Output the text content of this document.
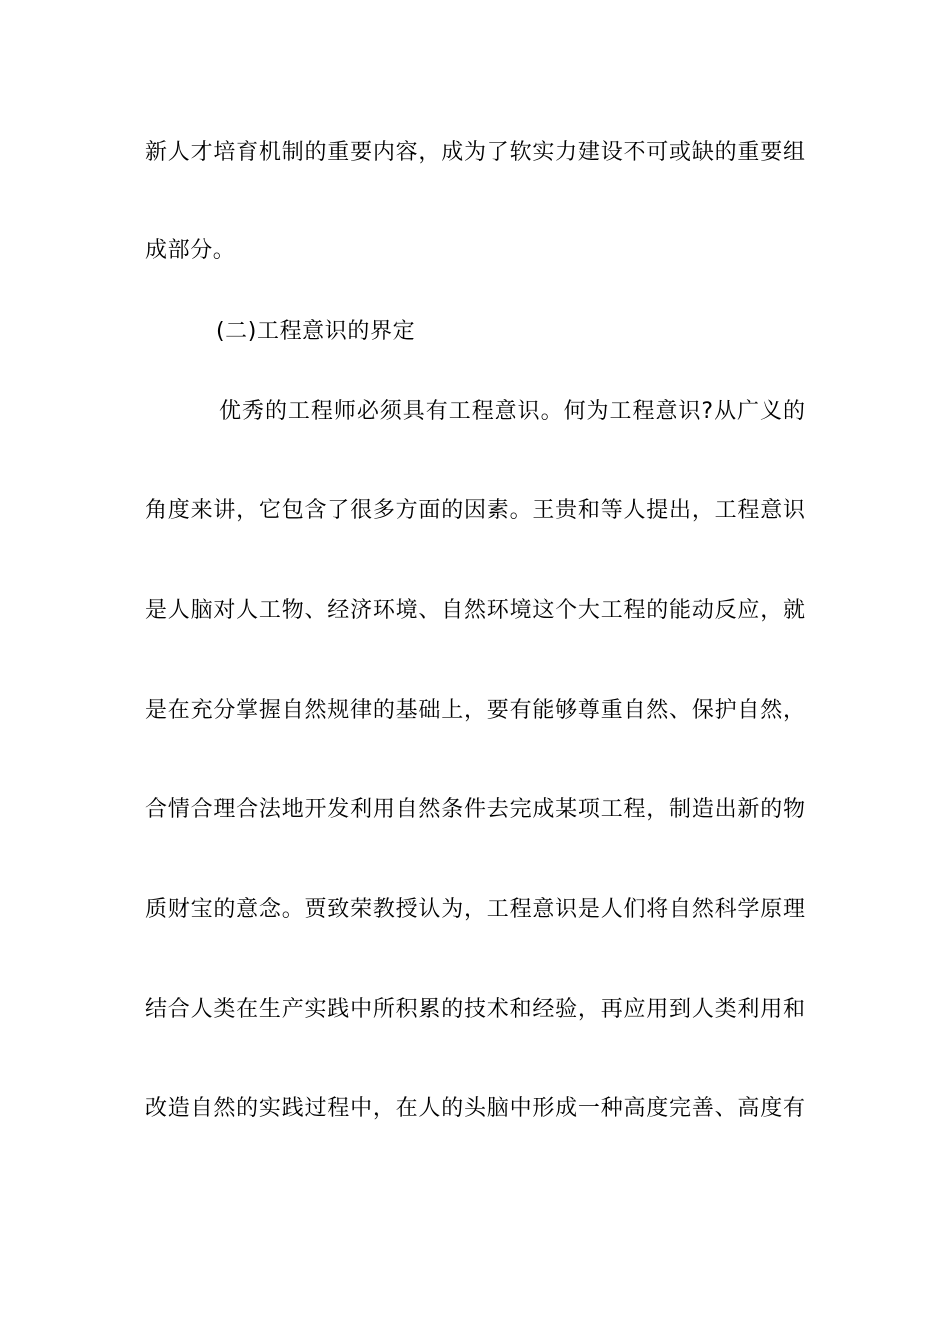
新人才培育机制的重要内容，成为了软实力建设不可或缺的重要组
成部分。
(二)工程意识的界定
优秀的工程师必须具有工程意识。何为工程意识?从广义的
角度来讲，它包含了很多方面的因素。王贵和等人提出，工程意识
是人脑对人工物、经济环境、自然环境这个大工程的能动反应，就
是在充分掌握自然规律的基础上，要有能够尊重自然、保护自然，
合情合理合法地开发利用自然条件去完成某项工程，制造出新的物
质财宝的意念。贾致荣教授认为，工程意识是人们将自然科学原理
结合人类在生产实践中所积累的技术和经验，再应用到人类利用和
改造自然的实践过程中，在人的头脑中形成一种高度完善、高度有
